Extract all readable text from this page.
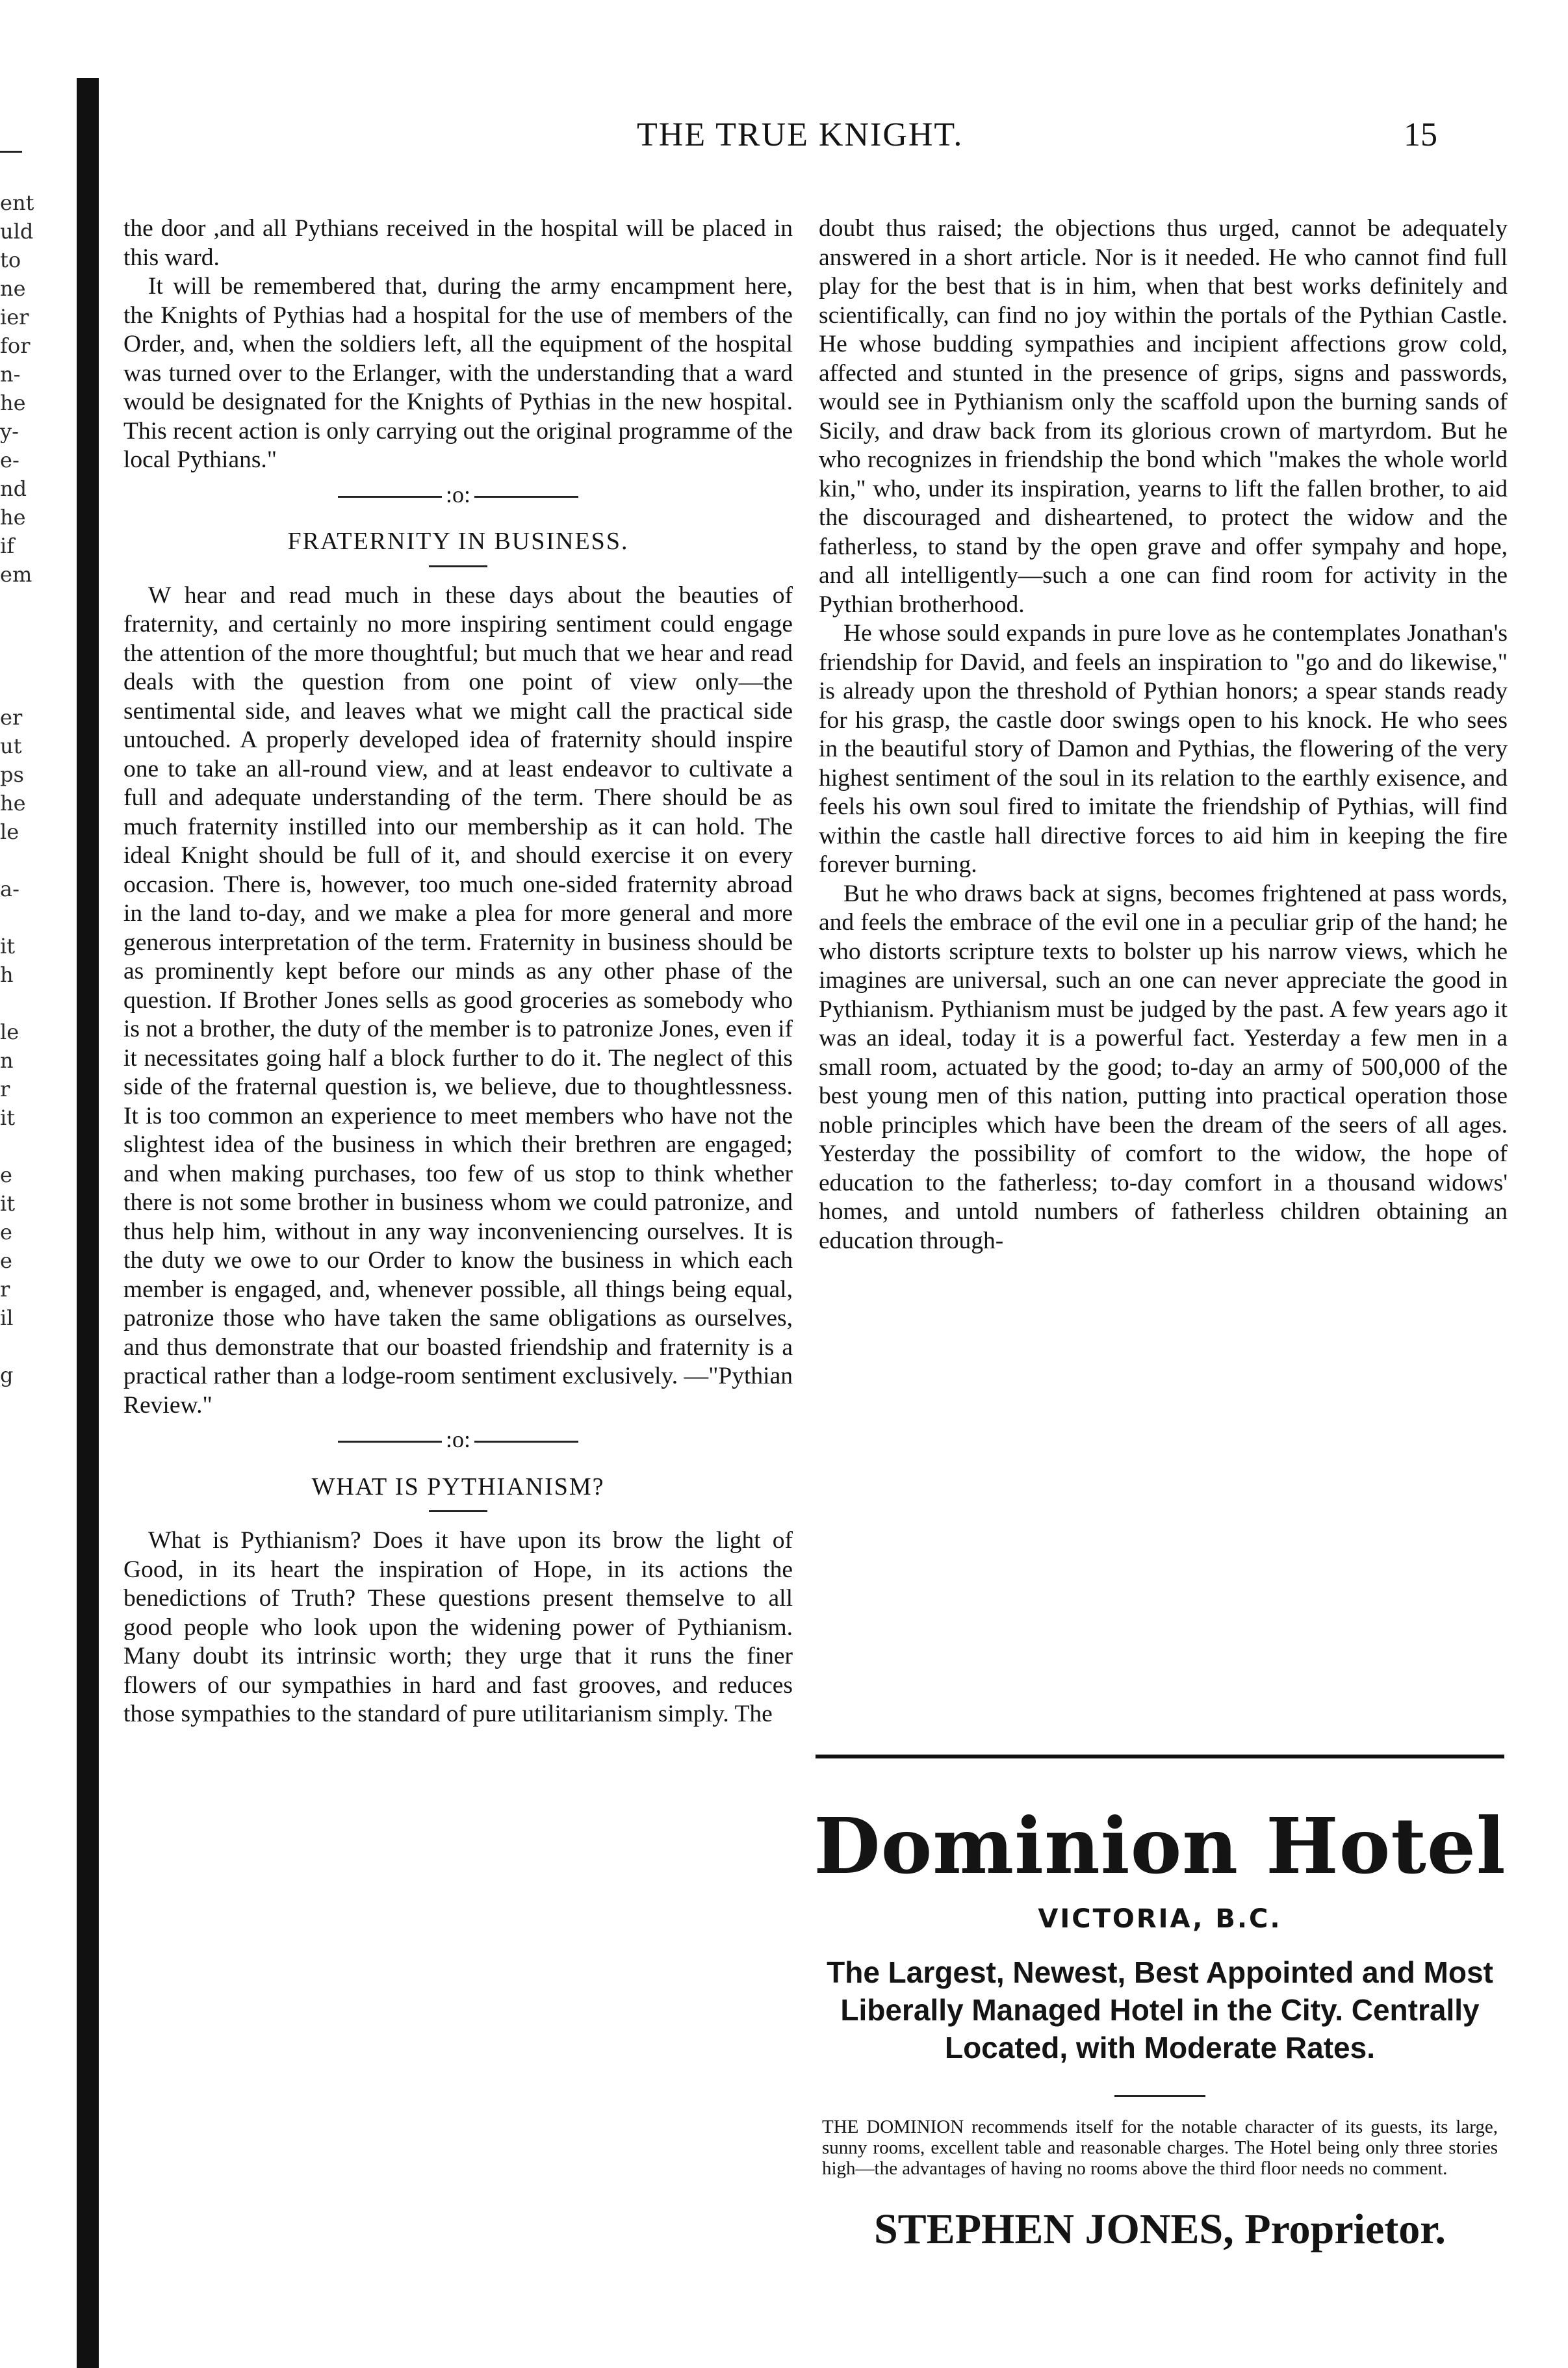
ent
uld
to
ne
ier
for
n-
he
y-
e-
nd
he
if
em
er
ut
ps
he
le
a-
it
h
le
n
r
it
e
it
e
e
r
il
g
THE TRUE KNIGHT.	15

the door ,and all Pythians received in the hospital will be placed in this ward.

It will be remembered that, during the army encampment here, the Knights of Pythias had a hospital for the use of members of the Order, and, when the soldiers left, all the equipment of the hospital was turned over to the Erlanger, with the understanding that a ward would be designated for the Knights of Pythias in the new hospital. This recent action is only carrying out the original programme of the local Pythians."

:o:
FRATERNITY IN BUSINESS.

W hear and read much in these days about the beauties of fraternity, and certainly no more inspiring sentiment could engage the attention of the more thoughtful; but much that we hear and read deals with the question from one point of view only—the sentimental side, and leaves what we might call the practical side untouched. A properly developed idea of fraternity should inspire one to take an all-round view, and at least endeavor to cultivate a full and adequate understanding of the term. There should be as much fraternity instilled into our membership as it can hold. The ideal Knight should be full of it, and should exercise it on every occasion. There is, however, too much one-sided fraternity abroad in the land to-day, and we make a plea for more general and more generous interpretation of the term. Fraternity in business should be as prominently kept before our minds as any other phase of the question. If Brother Jones sells as good groceries as somebody who is not a brother, the duty of the member is to patronize Jones, even if it necessitates going half a block further to do it. The neglect of this side of the fraternal question is, we believe, due to thoughtlessness. It is too common an experience to meet members who have not the slightest idea of the business in which their brethren are engaged; and when making purchases, too few of us stop to think whether there is not some brother in business whom we could patronize, and thus help him, without in any way inconveniencing ourselves. It is the duty we owe to our Order to know the business in which each member is engaged, and, whenever possible, all things being equal, patronize those who have taken the same obligations as ourselves, and thus demonstrate that our boasted friendship and fraternity is a practical rather than a lodge-room sentiment exclusively. —"Pythian Review."

:o:
WHAT IS PYTHIANISM?

What is Pythianism? Does it have upon its brow the light of Good, in its heart the inspiration of Hope, in its actions the benedictions of Truth? These questions present themselve to all good people who look upon the widening power of Pythianism. Many doubt its intrinsic worth; they urge that it runs the finer flowers of our sympathies in hard and fast grooves, and reduces those sympathies to the standard of pure utilitarianism simply. The

doubt thus raised; the objections thus urged, cannot be adequately answered in a short article. Nor is it needed. He who cannot find full play for the best that is in him, when that best works definitely and scientifically, can find no joy within the portals of the Pythian Castle. He whose budding sympathies and incipient affections grow cold, affected and stunted in the presence of grips, signs and passwords, would see in Pythianism only the scaffold upon the burning sands of Sicily, and draw back from its glorious crown of martyrdom. But he who recognizes in friendship the bond which "makes the whole world kin," who, under its inspiration, yearns to lift the fallen brother, to aid the discouraged and disheartened, to protect the widow and the fatherless, to stand by the open grave and offer sympahy and hope, and all intelligently—such a one can find room for activity in the Pythian brotherhood.

He whose sould expands in pure love as he contemplates Jonathan's friendship for David, and feels an inspiration to "go and do likewise," is already upon the threshold of Pythian honors; a spear stands ready for his grasp, the castle door swings open to his knock. He who sees in the beautiful story of Damon and Pythias, the flowering of the very highest sentiment of the soul in its relation to the earthly exisence, and feels his own soul fired to imitate the friendship of Pythias, will find within the castle hall directive forces to aid him in keeping the fire forever burning.

But he who draws back at signs, becomes frightened at pass words, and feels the embrace of the evil one in a peculiar grip of the hand; he who distorts scripture texts to bolster up his narrow views, which he imagines are universal, such an one can never appreciate the good in Pythianism. Pythianism must be judged by the past. A few years ago it was an ideal, today it is a powerful fact. Yesterday a few men in a small room, actuated by the good; to-day an army of 500,000 of the best young men of this nation, putting into practical operation those noble principles which have been the dream of the seers of all ages. Yesterday the possibility of comfort to the widow, the hope of education to the fatherless; to-day comfort in a thousand widows' homes, and untold numbers of fatherless children obtaining an education through-

Dominion Hotel
VICTORIA, B.C.
The Largest, Newest, Best Appointed and Most Liberally Managed Hotel in the City. Centrally Located, with Moderate Rates.
THE DOMINION recommends itself for the notable character of its guests, its large, sunny rooms, excellent table and reasonable charges. The Hotel being only three stories high—the advantages of having no rooms above the third floor needs no comment.
STEPHEN JONES, Proprietor.
